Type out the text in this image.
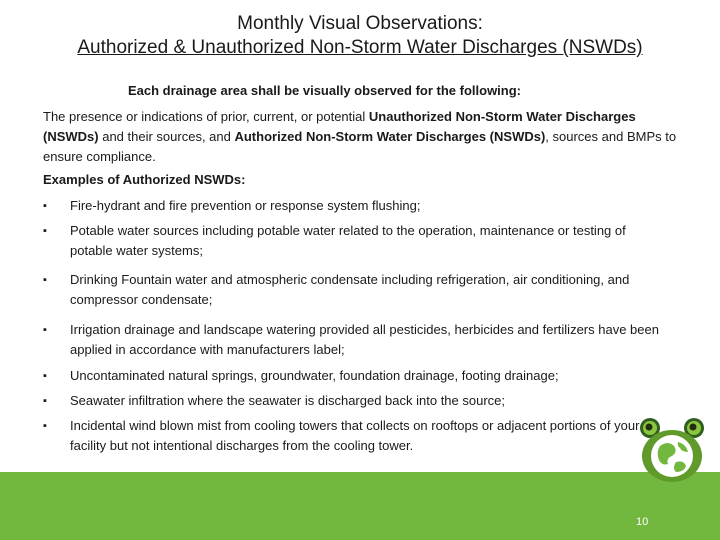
Monthly Visual Observations:
Authorized & Unauthorized Non-Storm Water Discharges (NSWDs)
Each drainage area shall be visually observed for the following:
The presence or indications of prior, current, or potential Unauthorized Non-Storm Water Discharges (NSWDs) and their sources, and Authorized Non-Storm Water Discharges (NSWDs), sources and BMPs to ensure compliance.
Examples of Authorized NSWDs:
▪	Fire-hydrant and fire prevention or response system flushing;
▪	Potable water sources including potable water related to the operation, maintenance or testing of potable water systems;
▪	Drinking Fountain water and atmospheric condensate including refrigeration, air conditioning, and compressor condensate;
▪	Irrigation drainage and landscape watering provided all pesticides, herbicides and fertilizers have been applied in accordance with manufacturers label;
▪	Uncontaminated natural springs, groundwater, foundation drainage, footing drainage;
▪	Seawater infiltration where the seawater is discharged back into the source;
▪	Incidental wind blown mist from cooling towers that collects on rooftops or adjacent portions of your facility but not intentional discharges from the cooling tower.
10
